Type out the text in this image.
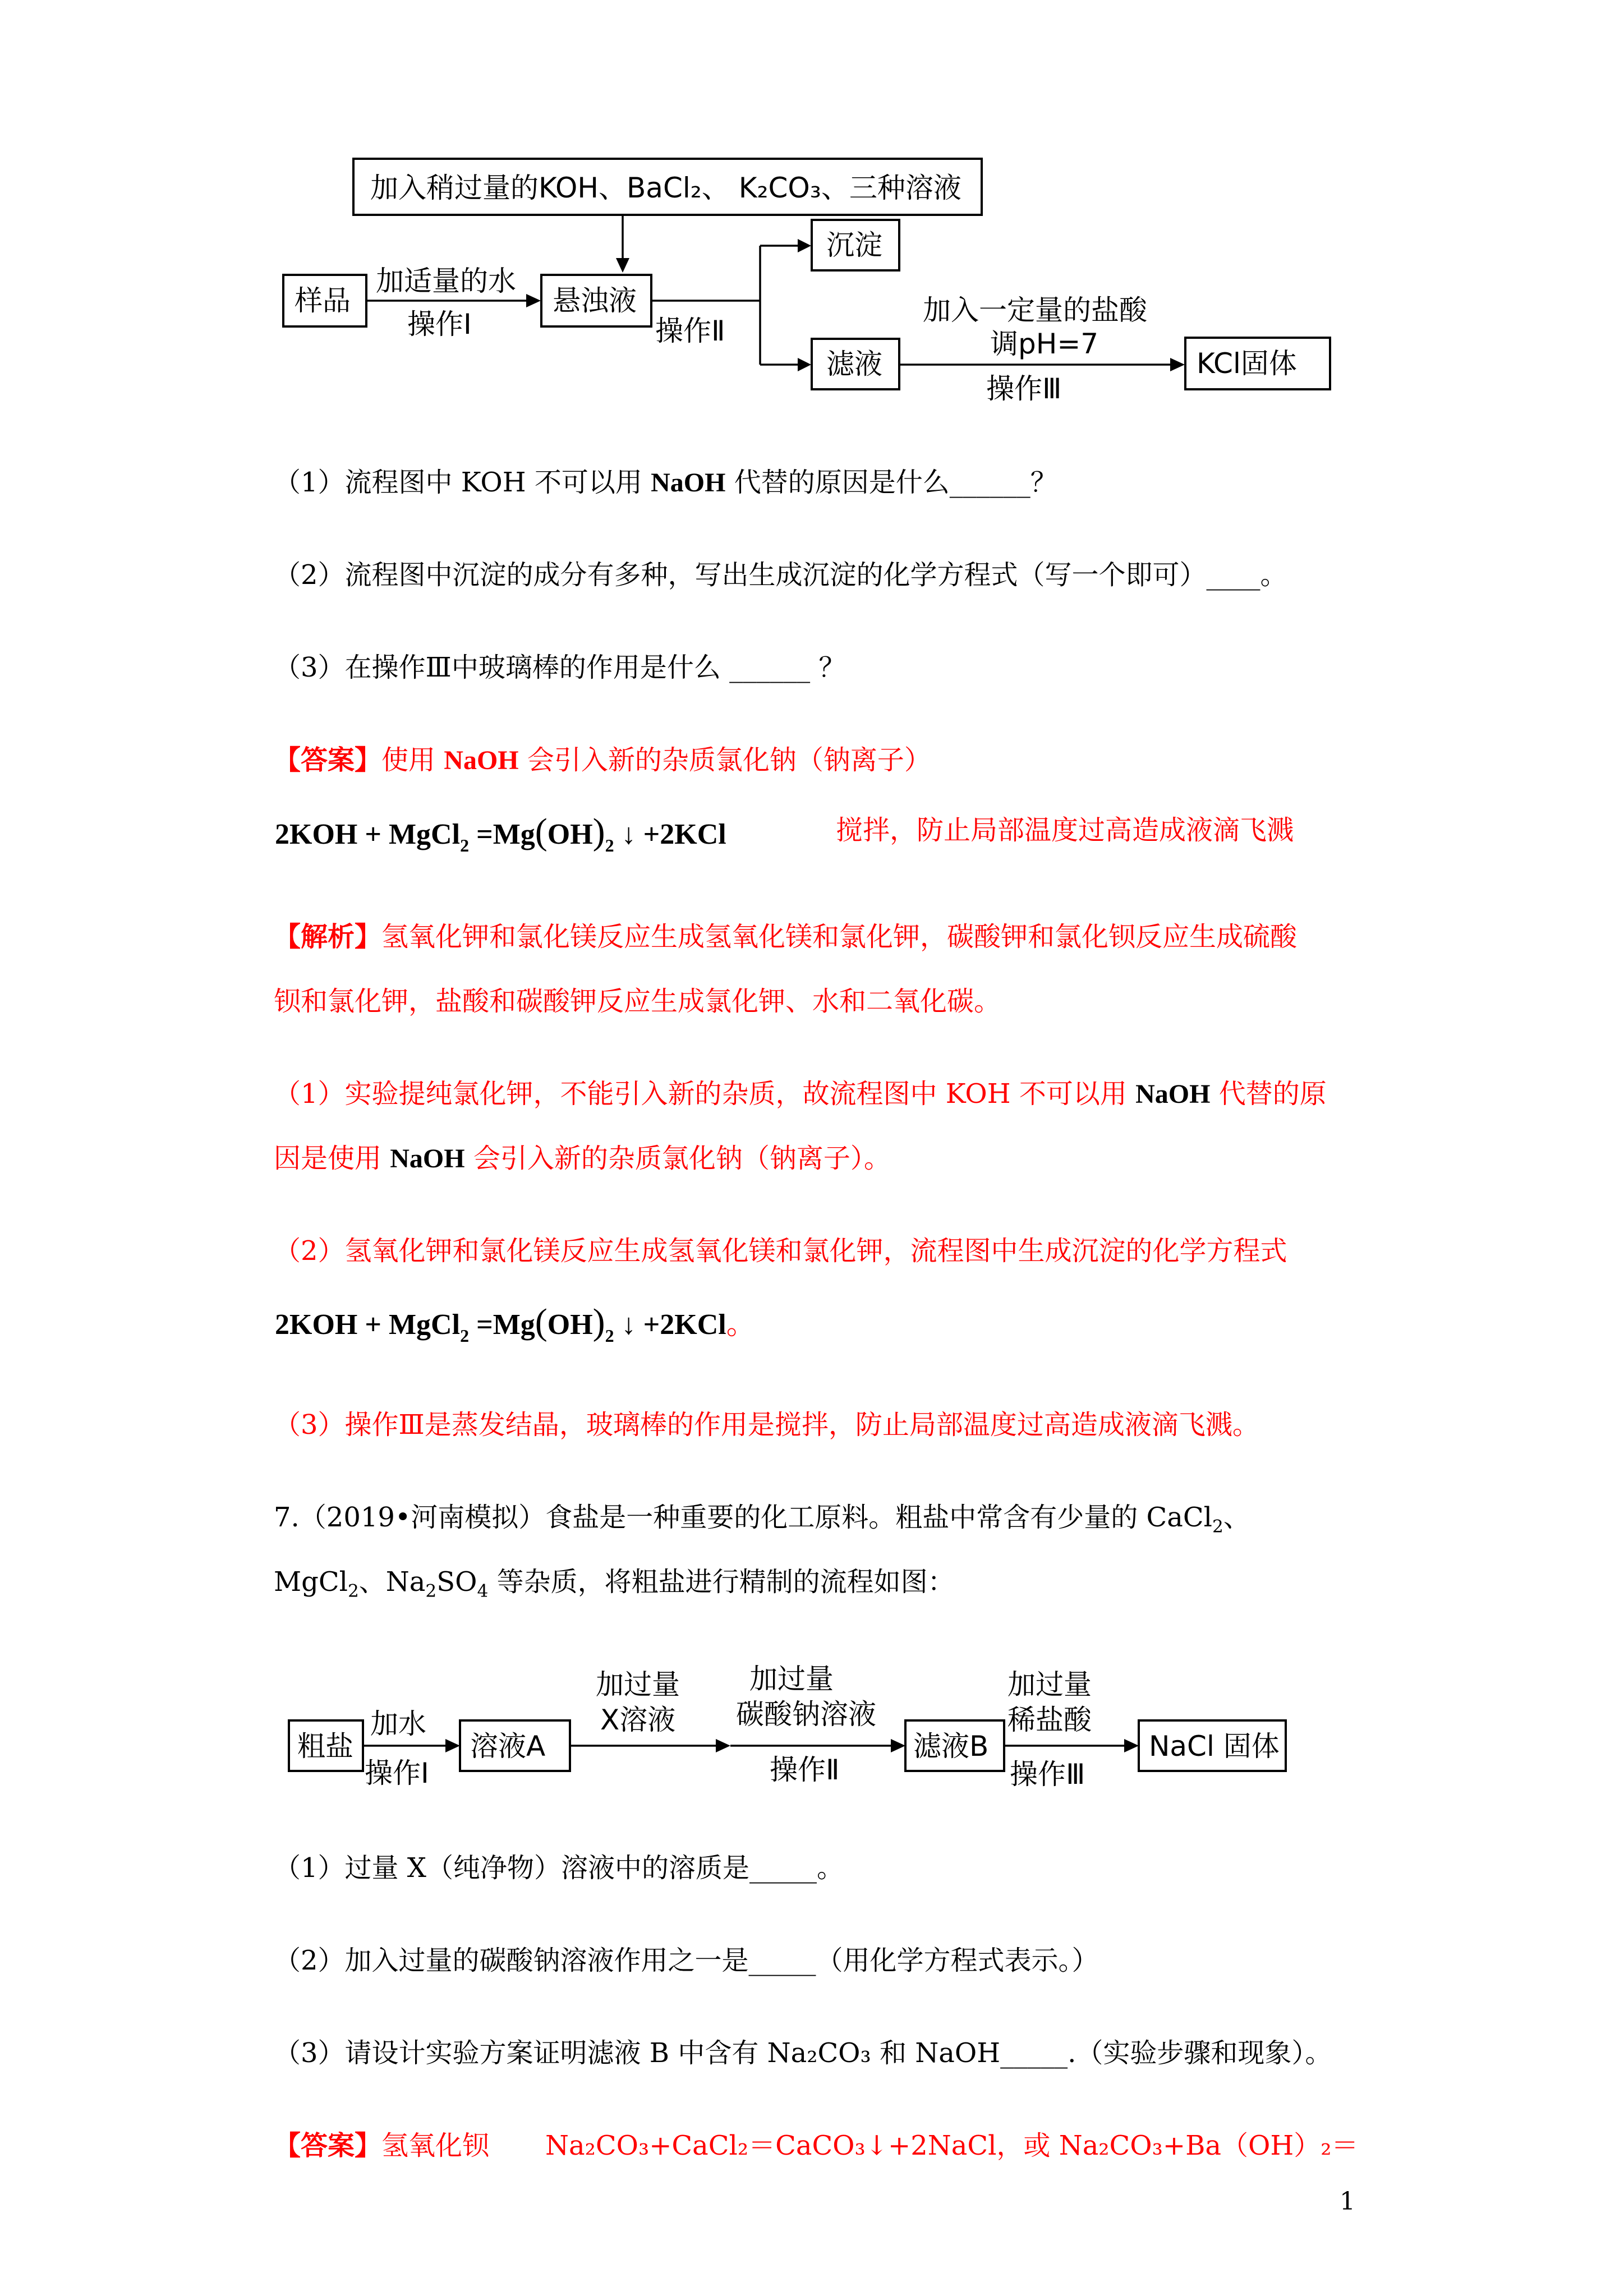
加入稍过量的KOH、BaCl₂、 K₂CO₃、三种溶液
样品
加适量的水
操作Ⅰ
悬浊液
操作Ⅱ
沉淀
滤液
加入一定量的盐酸
调pH=7
操作Ⅲ
KCl固体
（1）流程图中 KOH 不可以用 NaOH 代替的原因是什么______？
（2）流程图中沉淀的成分有多种，写出生成沉淀的化学方程式（写一个即可）____。
（3）在操作Ⅲ中玻璃棒的作用是什么 ______ ？
【答案】使用 NaOH 会引入新的杂质氯化钠（钠离子）
2KOH + MgCl$_2$ $=Mg(OH)_2$ ↓ +2KCl	搅拌，防止局部温度过高造成液滴飞溅
【解析】氢氧化钾和氯化镁反应生成氢氧化镁和氯化钾，碳酸钾和氯化钡反应生成硫酸
钡和氯化钾，盐酸和碳酸钾反应生成氯化钾、水和二氧化碳。
（1）实验提纯氯化钾，不能引入新的杂质，故流程图中 KOH 不可以用 NaOH 代替的原
因是使用 NaOH 会引入新的杂质氯化钠（钠离子）。
（2）氢氧化钾和氯化镁反应生成氢氧化镁和氯化钾，流程图中生成沉淀的化学方程式
2KOH + MgCl$_2$ $=Mg(OH)_2$ ↓ +2KCl。
（3）操作Ⅲ是蒸发结晶，玻璃棒的作用是搅拌，防止局部温度过高造成液滴飞溅。
7.（2019•河南模拟）食盐是一种重要的化工原料。粗盐中常含有少量的 CaCl$_2$、
MgCl$_2$、$Na_2SO_4$ 等杂质，将粗盐进行精制的流程如图：
粗盐
加水
操作Ⅰ
溶液A
加过量
X溶液
加过量
碳酸钠溶液
操作Ⅱ
滤液B
加过量
稀盐酸
操作Ⅲ
NaCl 固体
（1）过量 X（纯净物）溶液中的溶质是_____。
（2）加入过量的碳酸钠溶液作用之一是_____（用化学方程式表示。）
（3）请设计实验方案证明滤液 B 中含有 Na₂CO₃ 和 NaOH_____.（实验步骤和现象）。
【答案】氢氧化钡 Na₂CO₃+CaCl₂＝CaCO₃↓+2NaCl，或 Na₂CO₃+Ba（OH）₂＝
1
